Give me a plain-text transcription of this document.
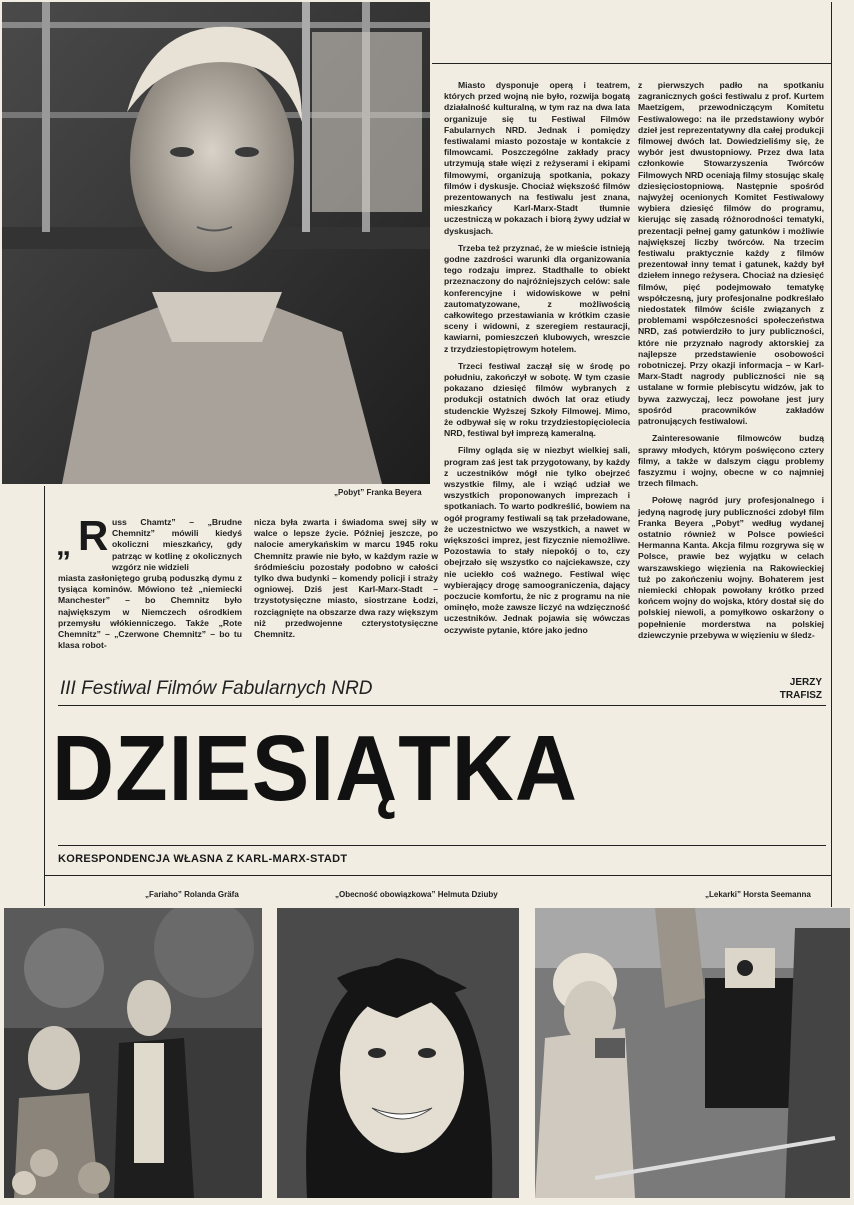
„Pobyt” Franka Beyera
„ R uss Chamtz” – „Brudne Chemnitz” mówili kiedyś okoliczni mieszkańcy, gdy patrząc w kotlinę z okolicznych wzgórz nie widzieli
miasta zasłoniętego grubą poduszką dymu z tysiąca kominów. Mówiono też „niemiecki Manchester” – bo Chemnitz było największym w Niemczech ośrodkiem przemysłu włókienniczego. Także „Rote Chemnitz” – „Czerwone Chemnitz” – bo tu klasa robot-
nicza była zwarta i świadoma swej siły w walce o lepsze życie. Później jeszcze, po nalocie amerykańskim w marcu 1945 roku Chemnitz prawie nie było, w każdym razie w śródmieściu pozostały podobno w całości tylko dwa budynki – komendy policji i straży ogniowej. Dziś jest Karl-Marx-Stadt – trzystotysięczne miasto, siostrzane Łodzi, rozciągnięte na obszarze dwa razy większym niż przedwojenne czterystotysięczne Chemnitz.

Miasto dysponuje operą i teatrem, których przed wojną nie było, rozwija bogatą działalność kulturalną, w tym raz na dwa lata organizuje się tu Festiwal Filmów Fabularnych NRD. Jednak i pomiędzy festiwalami miasto pozostaje w kontakcie z filmowcami. Poszczególne zakłady pracy utrzymują stałe więzi z reżyserami i ekipami filmowymi, organizują spotkania, pokazy filmów i dyskusje. Chociaż większość filmów prezentowanych na festiwalu jest znana, mieszkańcy Karl-Marx-Stadt tłumnie uczestniczą w pokazach i biorą żywy udział w dyskusjach.

Trzeba też przyznać, że w mieście istnieją godne zazdrości warunki dla organizowania tego rodzaju imprez. Stadthalle to obiekt przeznaczony do najróżniejszych celów: sale konferencyjne i widowiskowe w pełni zautomatyzowane, z możliwością całkowitego przestawiania w krótkim czasie sceny i widowni, z szeregiem restauracji, kawiarni, pomieszczeń klubowych, wreszcie z trzydziestopiętrowym hotelem.

Trzeci festiwal zaczął się w środę po południu, zakończył w sobotę. W tym czasie pokazano dziesięć filmów wybranych z produkcji ostatnich dwóch lat oraz etiudy studenckie Wyższej Szkoły Filmowej. Mimo, że odbywał się w roku trzydziestopięciolecia NRD, festiwal był imprezą kameralną.

Filmy ogląda się w niezbyt wielkiej sali, program zaś jest tak przygotowany, by każdy z uczestników mógł nie tylko obejrzeć wszystkie filmy, ale i wziąć udział we wszystkich proponowanych imprezach i spotkaniach. To warto podkreślić, bowiem na ogół programy festiwali są tak przeładowane, że uczestnictwo we wszystkich, a nawet w większości imprez, jest fizycznie niemożliwe. Pozostawia to stały niepokój o to, czy obejrzało się wszystko co najciekawsze, czy nie uciekło coś ważnego. Festiwal więc wybierający drogę samoograniczenia, dający poczucie komfortu, że nic z programu na nie ominęło, może zawsze liczyć na wdzięczność uczestników. Jednak pojawia się wówczas oczywiste pytanie, które jako jedno

z pierwszych padło na spotkaniu zagranicznych gości festiwalu z prof. Kurtem Maetzigem, przewodniczącym Komitetu Festiwalowego: na ile przedstawiony wybór dzieł jest reprezentatywny dla całej produkcji filmowej dwóch lat. Dowiedzieliśmy się, że wybór jest dwustopniowy. Przez dwa lata członkowie Stowarzyszenia Twórców Filmowych NRD oceniają filmy stosując skalę dziesięciostopniową. Następnie spośród najwyżej ocenionych Komitet Festiwalowy wybiera dziesięć filmów do programu, kierując się zasadą różnorodności tematyki, prezentacji pełnej gamy gatunków i możliwie największej liczby twórców. Na trzecim festiwalu praktycznie każdy z filmów prezentował inny temat i gatunek, każdy był dziełem innego reżysera. Chociaż na dziesięć filmów, pięć podejmowało tematykę współczesną, jury profesjonalne podkreślało niedostatek filmów ściśle związanych z problemami współczesności społeczeństwa NRD, zaś potwierdziło to jury publiczności, które nie przyznało nagrody aktorskiej za najlepsze przedstawienie osobowości robotniczej. Przy okazji informacja – w Karl-Marx-Stadt nagrody publiczności nie są ustalane w formie plebiscytu widzów, jak to bywa zazwyczaj, lecz powołane jest jury spośród pracowników zakładów patronujących festiwalowi.

Zainteresowanie filmowców budzą sprawy młodych, którym poświęcono cztery filmy, a także w dalszym ciągu problemy faszyzmu i wojny, obecne w co najmniej trzech filmach.

Połowę nagród jury profesjonalnego i jedyną nagrodę jury publiczności zdobył film Franka Beyera „Pobyt” według wydanej ostatnio również w Polsce powieści Hermanna Kanta. Akcja filmu rozgrywa się w Polsce, prawie bez wyjątku w celach warszawskiego więzienia na Rakowieckiej tuż po zakończeniu wojny. Bohaterem jest niemiecki chłopak powołany krótko przed końcem wojny do wojska, który dostał się do polskiej niewoli, a pomyłkowo oskarżony o popełnienie morderstwa na polskiej dziewczynie przebywa w więzieniu w śledz-

III Festiwal Filmów Fabularnych NRD	JERZY
TRAFISZ
DZIESIĄTKA
KORESPONDENCJA WŁASNA Z KARL-MARX-STADT
„Fariaho” Rolanda Gräfa	„Obecność obowiązkowa” Helmuta Dziuby	„Lekarki” Horsta Seemanna
